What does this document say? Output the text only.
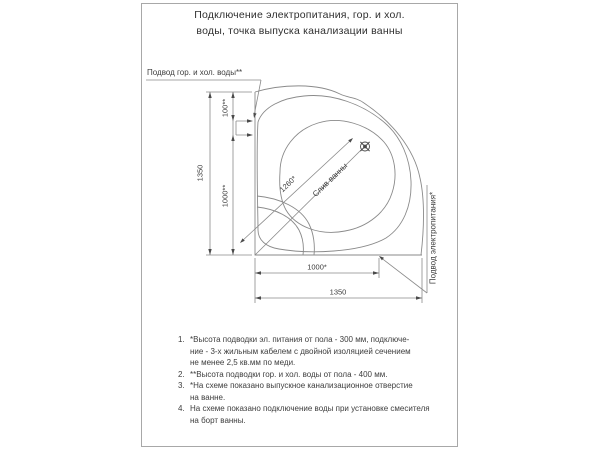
Подключение электропитания, гор. и хол.
воды, точка выпуска канализации ванны
Подвод гор. и хол. воды**
Подвод электропитания*
Слив ванны
1350
100**
1000**
1260*
1000*
1350
1. *Высота подводки эл. питания от пола - 300 мм, подключе-
ние - 3-х жильным кабелем с двойной изоляцией сечением
не менее 2,5 кв.мм по меди.
2. **Высота подводки гор. и хол. воды от пола - 400 мм.
3. *На схеме показано выпускное канализационное отверстие
на ванне.
4. На схеме показано подключение воды при установке смесителя
на борт ванны.
